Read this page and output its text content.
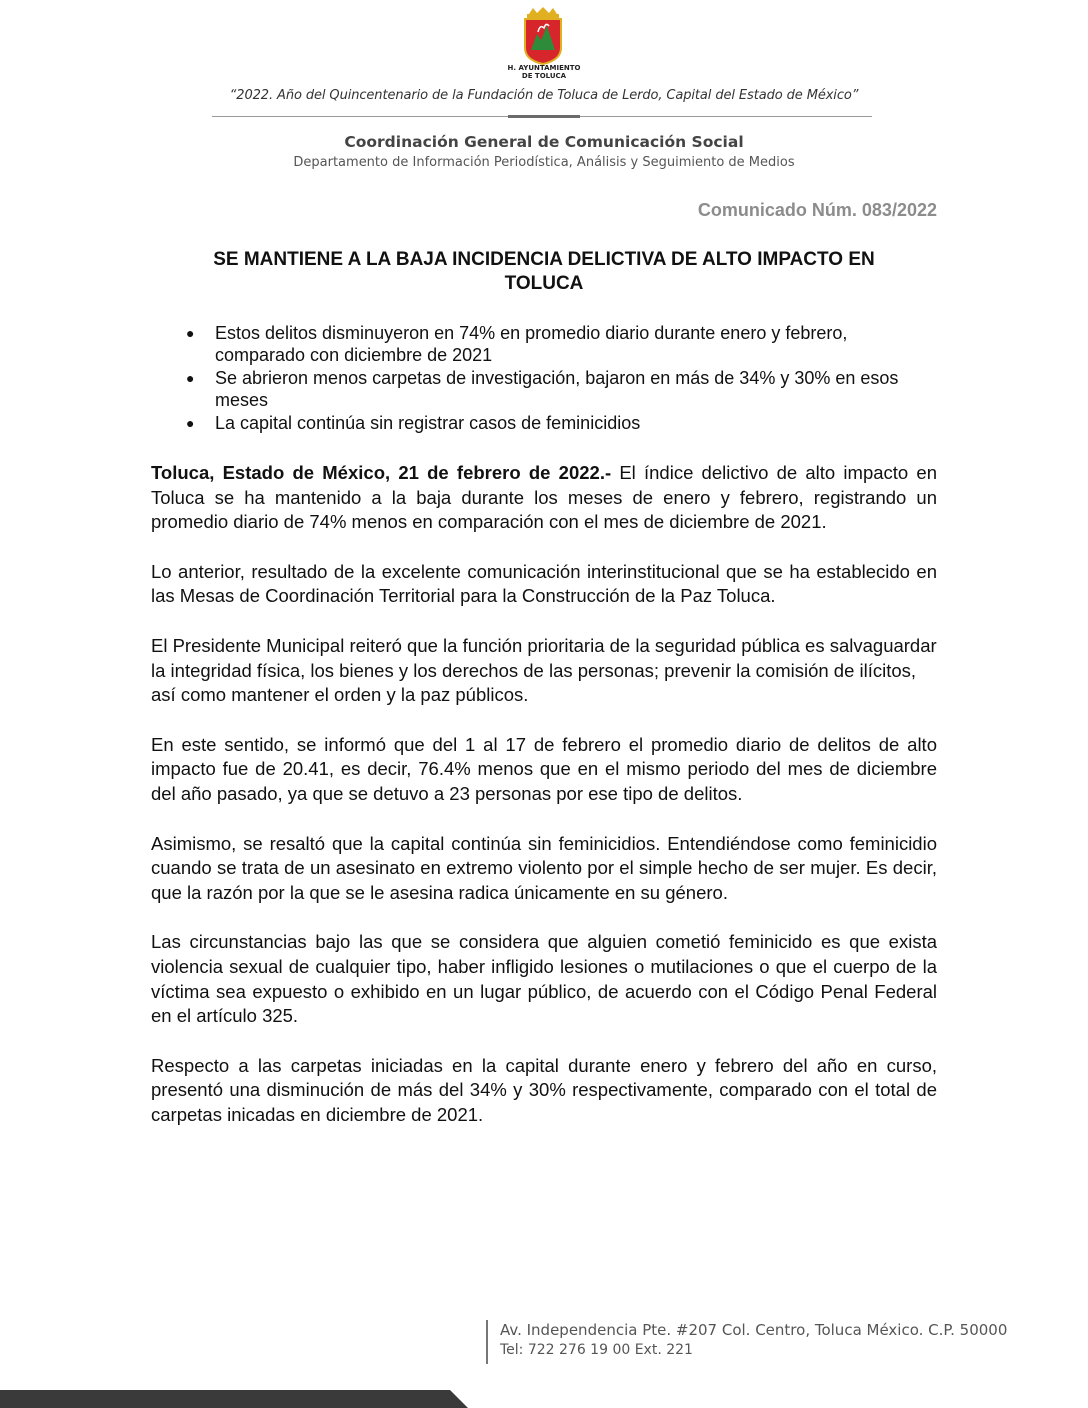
H. AYUNTAMIENTO
DE TOLUCA
“2022. Año del Quincentenario de la Fundación de Toluca de Lerdo, Capital del Estado de México”
Coordinación General de Comunicación Social
Departamento de Información Periodística, Análisis y Seguimiento de Medios
Comunicado Núm. 083/2022
SE MANTIENE A LA BAJA INCIDENCIA DELICTIVA DE ALTO IMPACTO EN
TOLUCA
● Estos delitos disminuyeron en 74% en promedio diario durante enero y febrero, comparado con diciembre de 2021
● Se abrieron menos carpetas de investigación, bajaron en más de 34% y 30% en esos meses
● La capital continúa sin registrar casos de feminicidios

Toluca, Estado de México, 21 de febrero de 2022.- El índice delictivo de alto impacto en Toluca se ha mantenido a la baja durante los meses de enero y febrero, registrando un promedio diario de 74% menos en comparación con el mes de diciembre de 2021.

Lo anterior, resultado de la excelente comunicación interinstitucional que se ha establecido en las Mesas de Coordinación Territorial para la Construcción de la Paz Toluca.

El Presidente Municipal reiteró que la función prioritaria de la seguridad pública es salvaguardar la integridad física, los bienes y los derechos de las personas; prevenir la comisión de ilícitos, así como mantener el orden y la paz públicos.

En este sentido, se informó que del 1 al 17 de febrero el promedio diario de delitos de alto impacto fue de 20.41, es decir, 76.4% menos que en el mismo periodo del mes de diciembre del año pasado, ya que se detuvo a 23 personas por ese tipo de delitos.

Asimismo, se resaltó que la capital continúa sin feminicidios. Entendiéndose como feminicidio cuando se trata de un asesinato en extremo violento por el simple hecho de ser mujer. Es decir, que la razón por la que se le asesina radica únicamente en su género.

Las circunstancias bajo las que se considera que alguien cometió feminicido es que exista violencia sexual de cualquier tipo, haber infligido lesiones o mutilaciones o que el cuerpo de la víctima sea expuesto o exhibido en un lugar público, de acuerdo con el Código Penal Federal en el artículo 325.

Respecto a las carpetas iniciadas en la capital durante enero y febrero del año en curso, presentó una disminución de más del 34% y 30% respectivamente, comparado con el total de carpetas inicadas en diciembre de 2021.

Av. Independencia Pte. #207 Col. Centro, Toluca México. C.P. 50000
Tel: 722 276 19 00 Ext. 221
